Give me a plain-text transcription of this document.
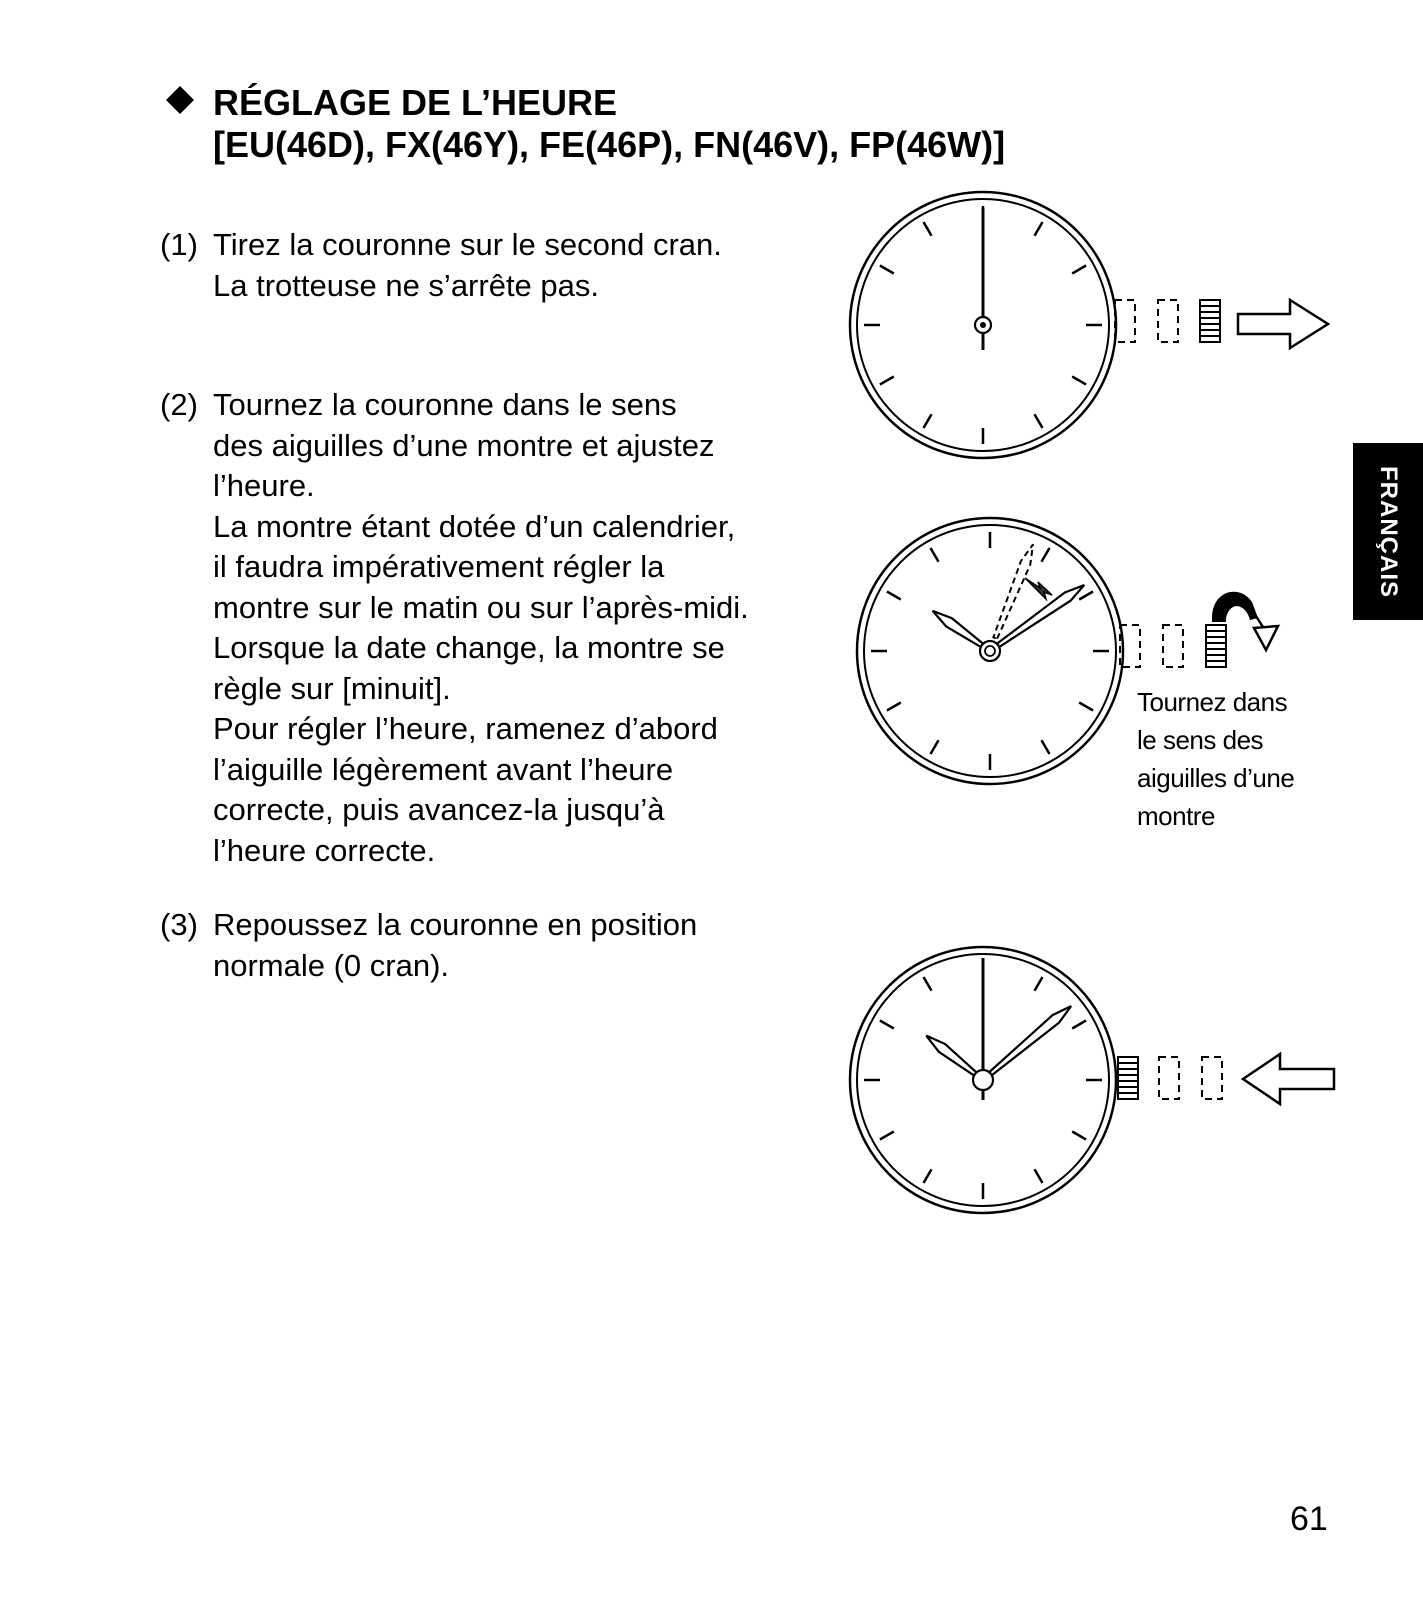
RÉGLAGE DE L’HEURE
[EU(46D), FX(46Y), FE(46P), FN(46V), FP(46W)]
(1) Tirez la couronne sur le second cran.
La trotteuse ne s’arrête pas.
(2) Tournez la couronne dans le sens
des aiguilles d’une montre et ajustez
l’heure.
La montre étant dotée d’un calendrier,
il faudra impérativement régler la
montre sur le matin ou sur l’après-midi.
Lorsque la date change, la montre se
règle sur [minuit].
Pour régler l’heure, ramenez d’abord
l’aiguille légèrement avant l’heure
correcte, puis avancez-la jusqu’à
l’heure correcte.
(3) Repoussez la couronne en position
normale (0 cran).
Tournez dans
le sens des
aiguilles d’une
montre
FRANÇAIS
61
